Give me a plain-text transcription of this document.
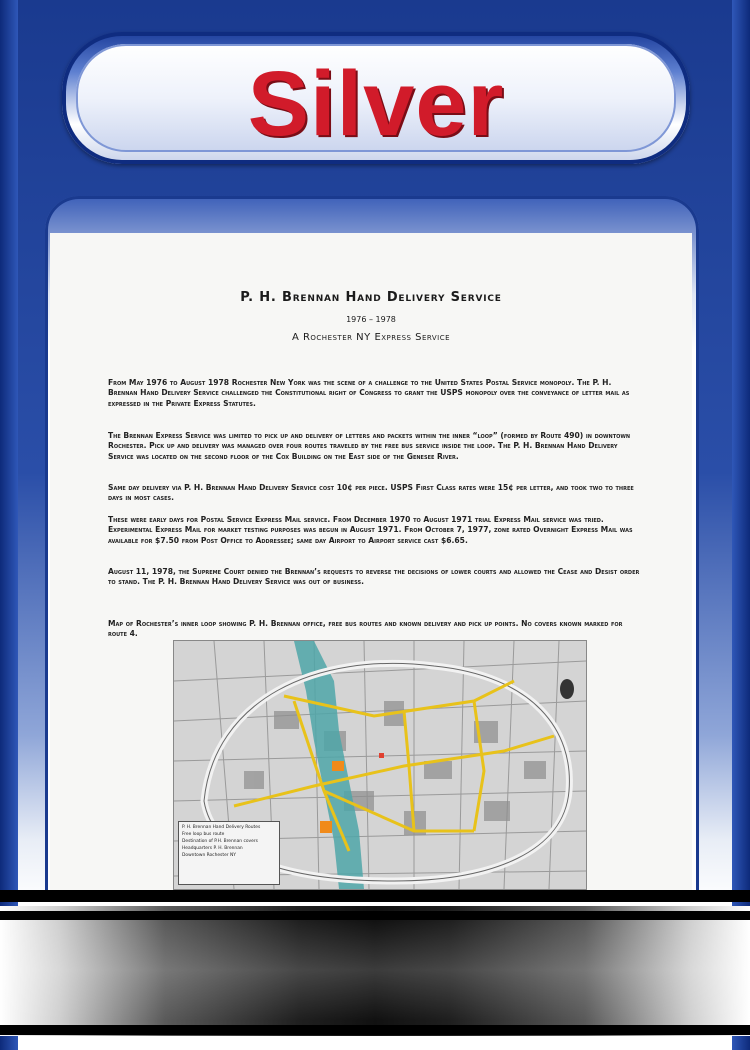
Silver
P. H. Brennan Hand Delivery Service
1976 – 1978
A Rochester NY Express Service
From May 1976 to August 1978 Rochester New York was the scene of a challenge to the United States Postal Service monopoly. The P. H. Brennan Hand Delivery Service challenged the Constitutional right of Congress to grant the USPS monopoly over the conveyance of letter mail as expressed in the Private Express Statutes.
The Brennan Express Service was limited to pick up and delivery of letters and packets within the inner “loop” (formed by Route 490) in downtown Rochester. Pick up and delivery was managed over four routes traveled by the free bus service inside the loop. The P. H. Brennan Hand Delivery Service was located on the second floor of the Cox Building on the East side of the Genesee River.
Same day delivery via P. H. Brennan Hand Delivery Service cost 10¢ per piece. USPS First Class rates were 15¢ per letter, and took two to three days in most cases.
These were early days for Postal Service Express Mail service. From December 1970 to August 1971 trial Express Mail service was tried. Experimental Express Mail for market testing purposes was begun in August 1971. From October 7, 1977, zone rated Overnight Express Mail was available for $7.50 from Post Office to Addressee; same day Airport to Airport service cast $6.65.
August 11, 1978, the Supreme Court denied the Brennan’s requests to reverse the decisions of lower courts and allowed the Cease and Desist order to stand. The P. H. Brennan Hand Delivery Service was out of business.
Map of Rochester’s inner loop showing P. H. Brennan office, free bus routes and known delivery and pick up points. No covers known marked for route 4.
P. H. Brennan Hand Delivery Routes
Free loop bus route
Destination of P.H. Brennan covers
Headquarters P. H. Brennan
Downtown Rochester NY
